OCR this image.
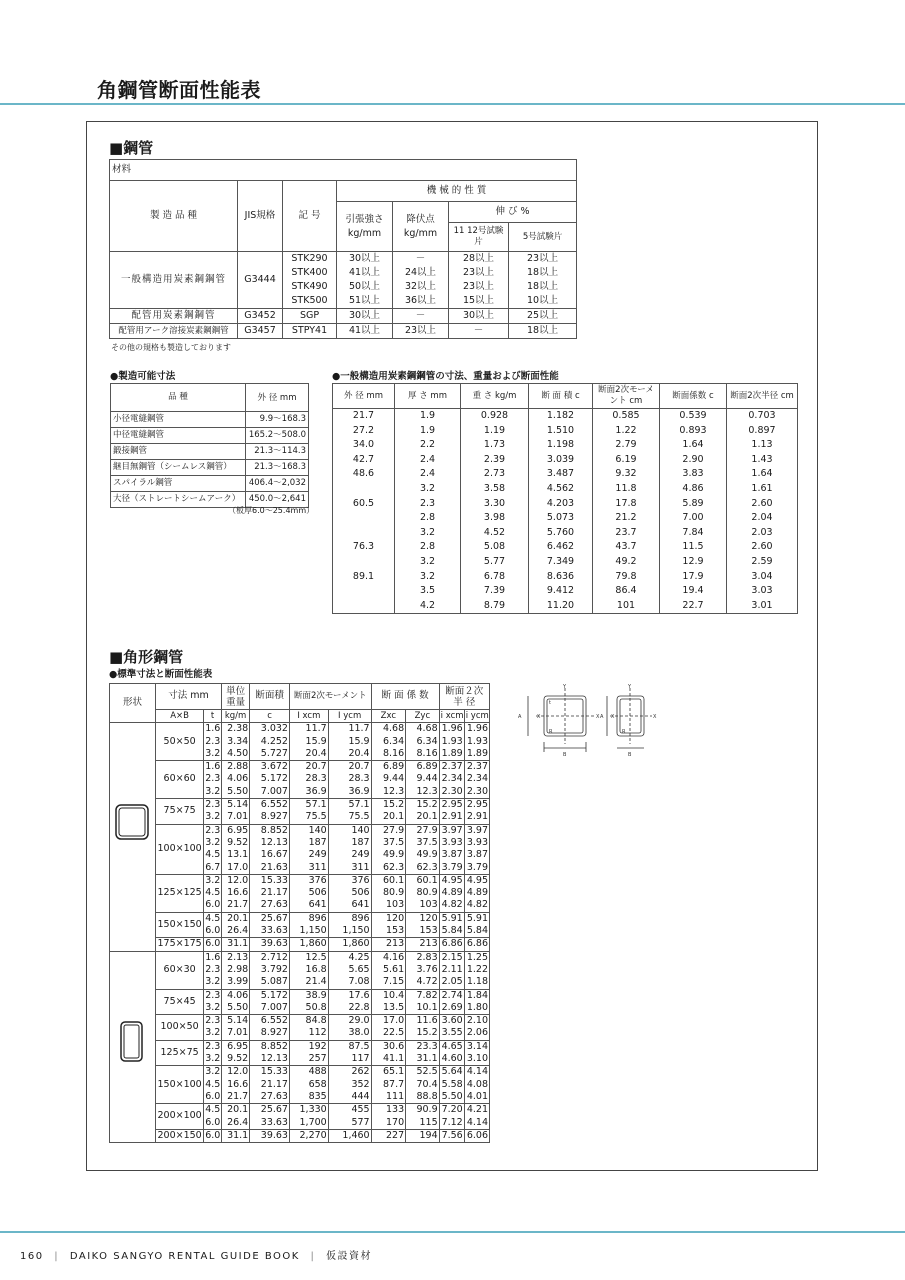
角鋼管断面性能表
■鋼管
材料						
製 造 品 種	JIS規格	記 号	機 械 的 性 質			
			引張強さ kg/mm	降伏点 kg/mm	伸 び %	
					11 12号試験片	5号試験片
一般構造用炭素鋼鋼管	G3444	STK290	30以上	－	28以上	23以上
		STK400	41以上	24以上	23以上	18以上
		STK490	50以上	32以上	23以上	18以上
		STK500	51以上	36以上	15以上	10以上
配管用炭素鋼鋼管	G3452	SGP	30以上	－	30以上	25以上
配管用アーク溶接炭素鋼鋼管	G3457	STPY41	41以上	23以上	－	18以上
その他の規格も製造しております
●製造可能寸法
品 種	外 径 mm
小径電縫鋼管	9.9～168.3
中径電縫鋼管	165.2～508.0
鍛接鋼管	21.3～114.3
継目無鋼管（シームレス鋼管）	21.3～168.3
スパイラル鋼管	406.4～2,032
大径（ストレートシームアーク）	450.0～2,641
（板厚6.0～25.4mm）
●一般構造用炭素鋼鋼管の寸法、重量および断面性能
外 径 mm	厚 さ mm	重 さ kg/m	断 面 積 c	断面2次モーメント cm	断面係数 c	断面2次半径 cm
21.7	1.9	0.928	1.182	0.585	0.539	0.703
27.2	1.9	1.19	1.510	1.22	0.893	0.897
34.0	2.2	1.73	1.198	2.79	1.64	1.13
42.7	2.4	2.39	3.039	6.19	2.90	1.43
48.6	2.4	2.73	3.487	9.32	3.83	1.64
	3.2	3.58	4.562	11.8	4.86	1.61
60.5	2.3	3.30	4.203	17.8	5.89	2.60
	2.8	3.98	5.073	21.2	7.00	2.04
	3.2	4.52	5.760	23.7	7.84	2.03
76.3	2.8	5.08	6.462	43.7	11.5	2.60
	3.2	5.77	7.349	49.2	12.9	2.59
89.1	3.2	6.78	8.636	79.8	17.9	3.04
	3.5	7.39	9.412	86.4	19.4	3.03
	4.2	8.79	11.20	101	22.7	3.01
■角形鋼管
●標準寸法と断面性能表
形状	寸法 mm		単位重量	断面積	断面2次モーメント		断 面 係 数		断面２次半 径	
	A×B	t	kg/m	c	I xcm	I ycm	Zxc	Zyc	i xcm	i ycm
	50×50	1.6	2.38	3.032	11.7	11.7	4.68	4.68	1.96	1.96
		2.3	3.34	4.252	15.9	15.9	6.34	6.34	1.93	1.93
		3.2	4.50	5.727	20.4	20.4	8.16	8.16	1.89	1.89
	60×60	1.6	2.88	3.672	20.7	20.7	6.89	6.89	2.37	2.37
		2.3	4.06	5.172	28.3	28.3	9.44	9.44	2.34	2.34
		3.2	5.50	7.007	36.9	36.9	12.3	12.3	2.30	2.30
	75×75	2.3	5.14	6.552	57.1	57.1	15.2	15.2	2.95	2.95
		3.2	7.01	8.927	75.5	75.5	20.1	20.1	2.91	2.91
	100×100	2.3	6.95	8.852	140	140	27.9	27.9	3.97	3.97
		3.2	9.52	12.13	187	187	37.5	37.5	3.93	3.93
		4.5	13.1	16.67	249	249	49.9	49.9	3.87	3.87
		6.7	17.0	21.63	311	311	62.3	62.3	3.79	3.79
	125×125	3.2	12.0	15.33	376	376	60.1	60.1	4.95	4.95
		4.5	16.6	21.17	506	506	80.9	80.9	4.89	4.89
		6.0	21.7	27.63	641	641	103	103	4.82	4.82
	150×150	4.5	20.1	25.67	896	896	120	120	5.91	5.91
		6.0	26.4	33.63	1,150	1,150	153	153	5.84	5.84
	175×175	6.0	31.1	39.63	1,860	1,860	213	213	6.86	6.86
	60×30	1.6	2.13	2.712	12.5	4.25	4.16	2.83	2.15	1.25
		2.3	2.98	3.792	16.8	5.65	5.61	3.76	2.11	1.22
		3.2	3.99	5.087	21.4	7.08	7.15	4.72	2.05	1.18
	75×45	2.3	4.06	5.172	38.9	17.6	10.4	7.82	2.74	1.84
		3.2	5.50	7.007	50.8	22.8	13.5	10.1	2.69	1.80
	100×50	2.3	5.14	6.552	84.8	29.0	17.0	11.6	3.60	2.10
		3.2	7.01	8.927	112	38.0	22.5	15.2	3.55	2.06
	125×75	2.3	6.95	8.852	192	87.5	30.6	23.3	4.65	3.14
		3.2	9.52	12.13	257	117	41.1	31.1	4.60	3.10
	150×100	3.2	12.0	15.33	488	262	65.1	52.5	5.64	4.14
		4.5	16.6	21.17	658	352	87.7	70.4	5.58	4.08
		6.0	21.7	27.63	835	444	111	88.8	5.50	4.01
	200×100	4.5	20.1	25.67	1,330	455	133	90.9	7.20	4.21
		6.0	26.4	33.63	1,700	577	170	115	7.12	4.14
	200×150	6.0	31.1	39.63	2,270	1,460	227	194	7.56	6.06
Y
X
X
A
B
R
t
Y
X
X
A
B
R
160 | DAIKO SANGYO RENTAL GUIDE BOOK | 仮設資材
